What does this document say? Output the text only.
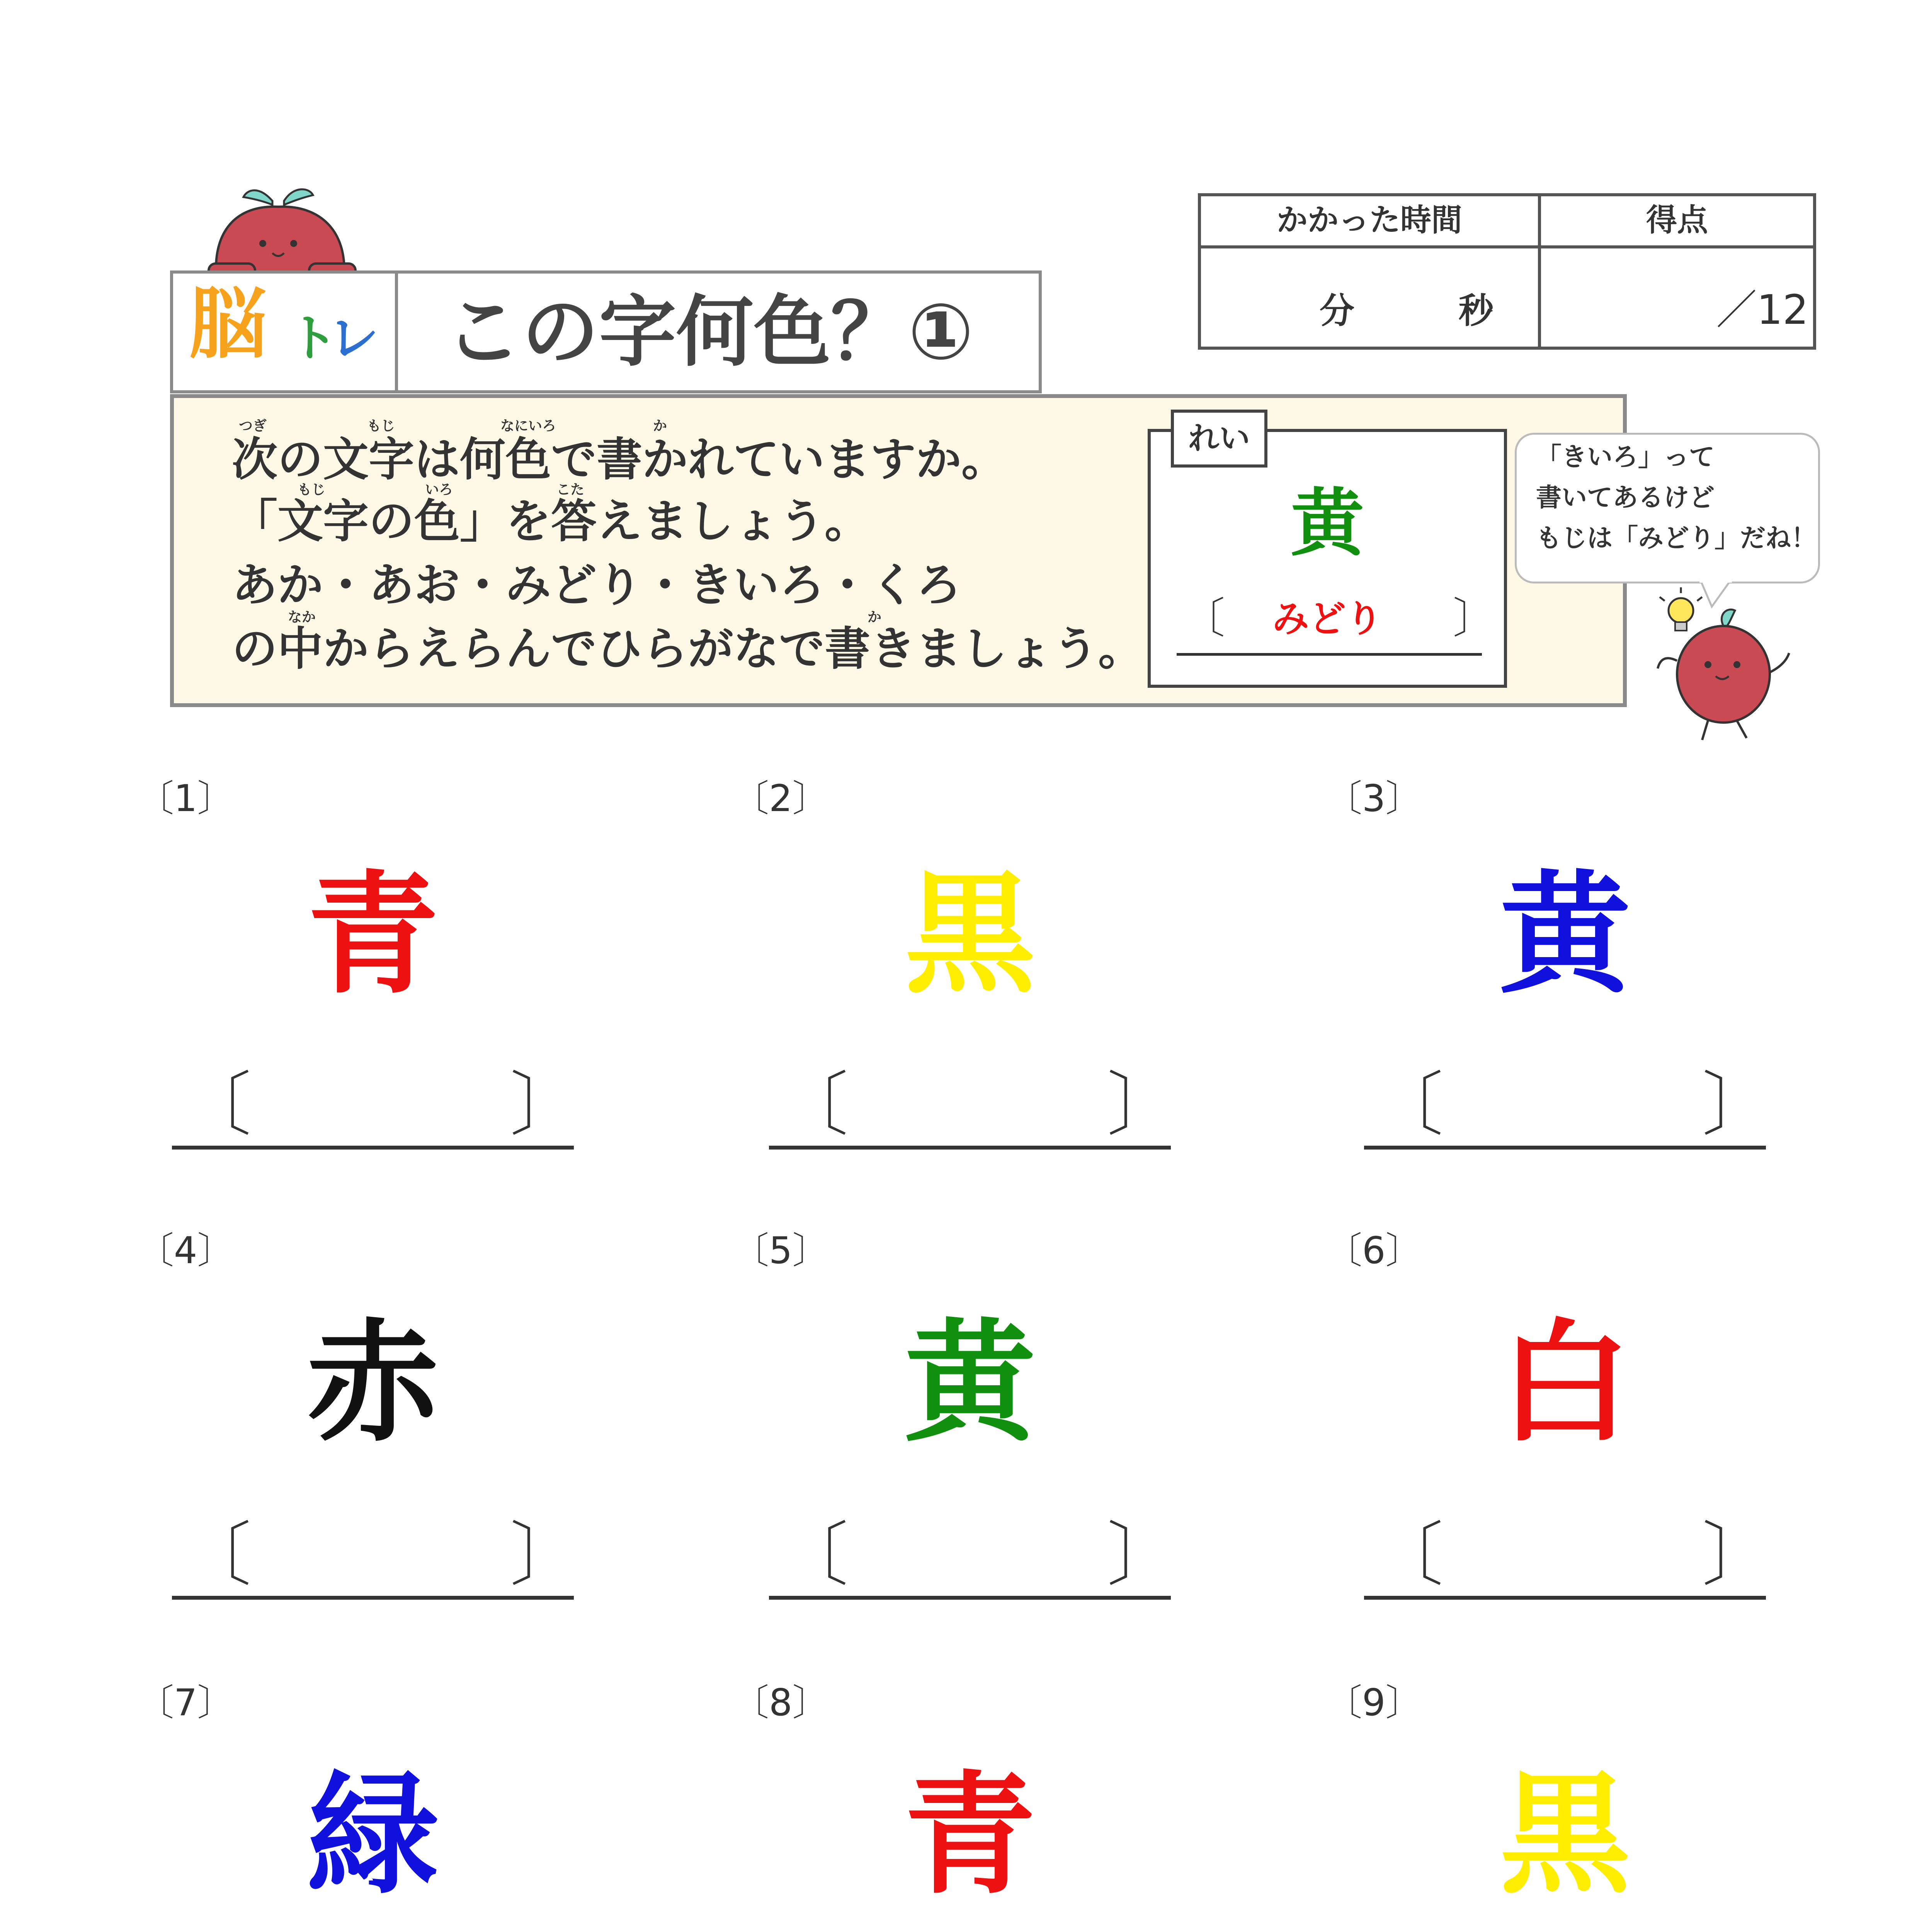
脳 ト
レ この字何色？①
かかった時間	得点
分	秒	／12
つぎ	もじ	なにいろ	か
次の文字は何色で書かれていますか。
もじ	いろ	こた
「文字の色」を答えましょう。
あか・あお・みどり・きいろ・くろ
なか	か
の中からえらんでひらがなで書きましょう。
れい
黄
〔	みどり	〕
「きいろ」って
書いてあるけど
もじは「みどり」だね！
〔1〕
青
〔	〕
〔2〕
黒
〔	〕
〔3〕
黄
〔	〕
〔4〕
赤
〔	〕
〔5〕
黄
〔	〕
〔6〕
白
〔	〕
〔7〕
緑
〔8〕
青
〔9〕
黒
